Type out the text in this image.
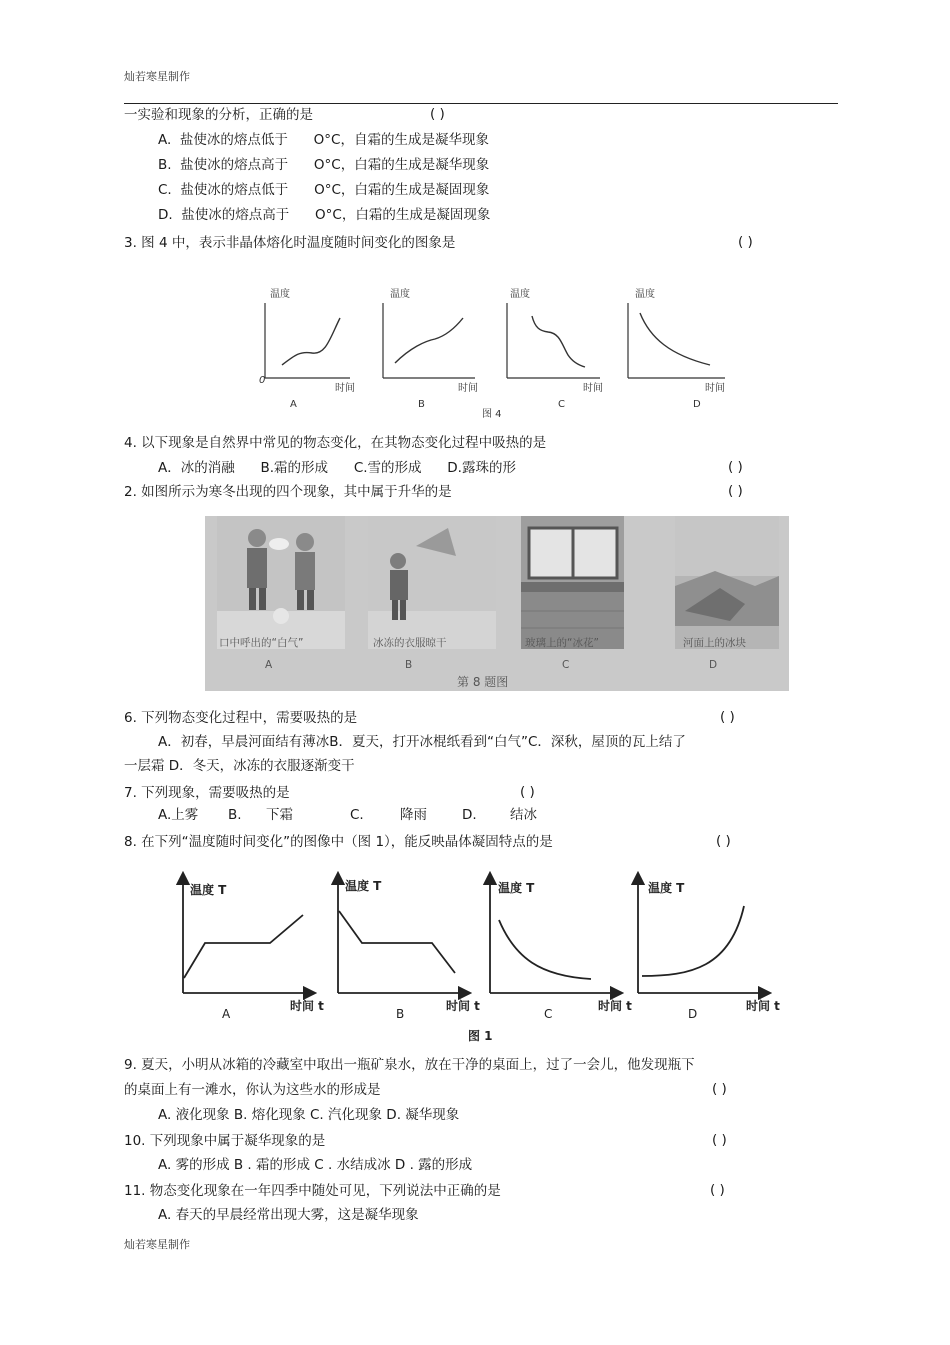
灿若寒星制作
一实验和现象的分析，正确的是	( )
A. 盐使冰的熔点低于 O°C，自霜的生成是凝华现象
B. 盐使冰的熔点高于 O°C，白霜的生成是凝华现象
C. 盐使冰的熔点低于 O°C，白霜的生成是凝固现象
D. 盐使冰的熔点高于 O°C，白霜的生成是凝固现象
3. 图 4 中，表示非晶体熔化时温度随时间变化的图象是	( )
温度
时间
0
A
温度
时间
B
温度
时间
C
温度
时间
D
图 4
4. 以下现象是自然界中常见的物态变化，在其物态变化过程中吸热的是
A．冰的消融 B.霜的形成 C.雪的形成 D.露珠的形	( )
2. 如图所示为寒冬出现的四个现象，其中属于升华的是	( )
口中呼出的“白气”	冰冻的衣服晾干	玻璃上的“冰花”	河面上的冰块
A	B	C	D
第 8 题图
6. 下列物态变化过程中，需要吸热的是	( )
A．初春，早晨河面结有薄冰B．夏天，打开冰棍纸看到“白气”C．深秋，屋顶的瓦上结了
一层霜 D．冬天，冰冻的衣服逐渐变干
7. 下列现象，需要吸热的是	( )
A.上雾 B. 下霜	C.	降雨	D. 结冰
8. 在下列“温度随时间变化”的图像中（图 1），能反映晶体凝固特点的是	( )
温度 T
A
温度 T
时间 t
B
温度 T
时间 t
C
温度 T
时间 t	时间 t
D
图 1
9. 夏天，小明从冰箱的冷藏室中取出一瓶矿泉水，放在干净的桌面上，过了一会儿，他发现瓶下
的桌面上有一滩水，你认为这些水的形成是	( )
A. 液化现象 B. 熔化现象 C. 汽化现象 D. 凝华现象
10. 下列现象中属于凝华现象的是	( )
A. 雾的形成 B . 霜的形成 C . 水结成冰 D . 露的形成
11. 物态变化现象在一年四季中随处可见，下列说法中正确的是	( )
A. 春天的早晨经常出现大雾，这是凝华现象
灿若寒星制作
